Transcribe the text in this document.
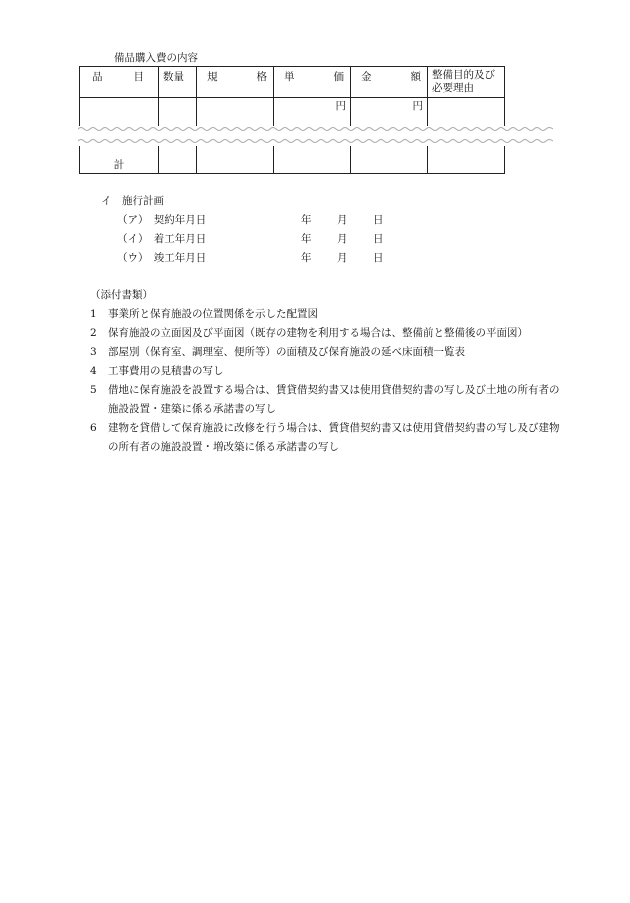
備品購入費の内容
品 目	数量	規 格	単 価	金 額	整備目的及び必要理由
			円	円	
計					
イ　施行計画
（ア）　契約年月日	年	月	日
（イ）　着工年月日	年	月	日
（ウ）　竣工年月日	年	月	日
（添付書類）
1	事業所と保育施設の位置関係を示した配置図
2	保育施設の立面図及び平面図（既存の建物を利用する場合は、整備前と整備後の平面図）
3	部屋別（保育室、調理室、便所等）の面積及び保育施設の延べ床面積一覧表
4	工事費用の見積書の写し
5	借地に保育施設を設置する場合は、賃貸借契約書又は使用貸借契約書の写し及び土地の所有者の施設設置・建築に係る承諾書の写し
6	建物を貸借して保育施設に改修を行う場合は、賃貸借契約書又は使用貸借契約書の写し及び建物の所有者の施設設置・増改築に係る承諾書の写し
